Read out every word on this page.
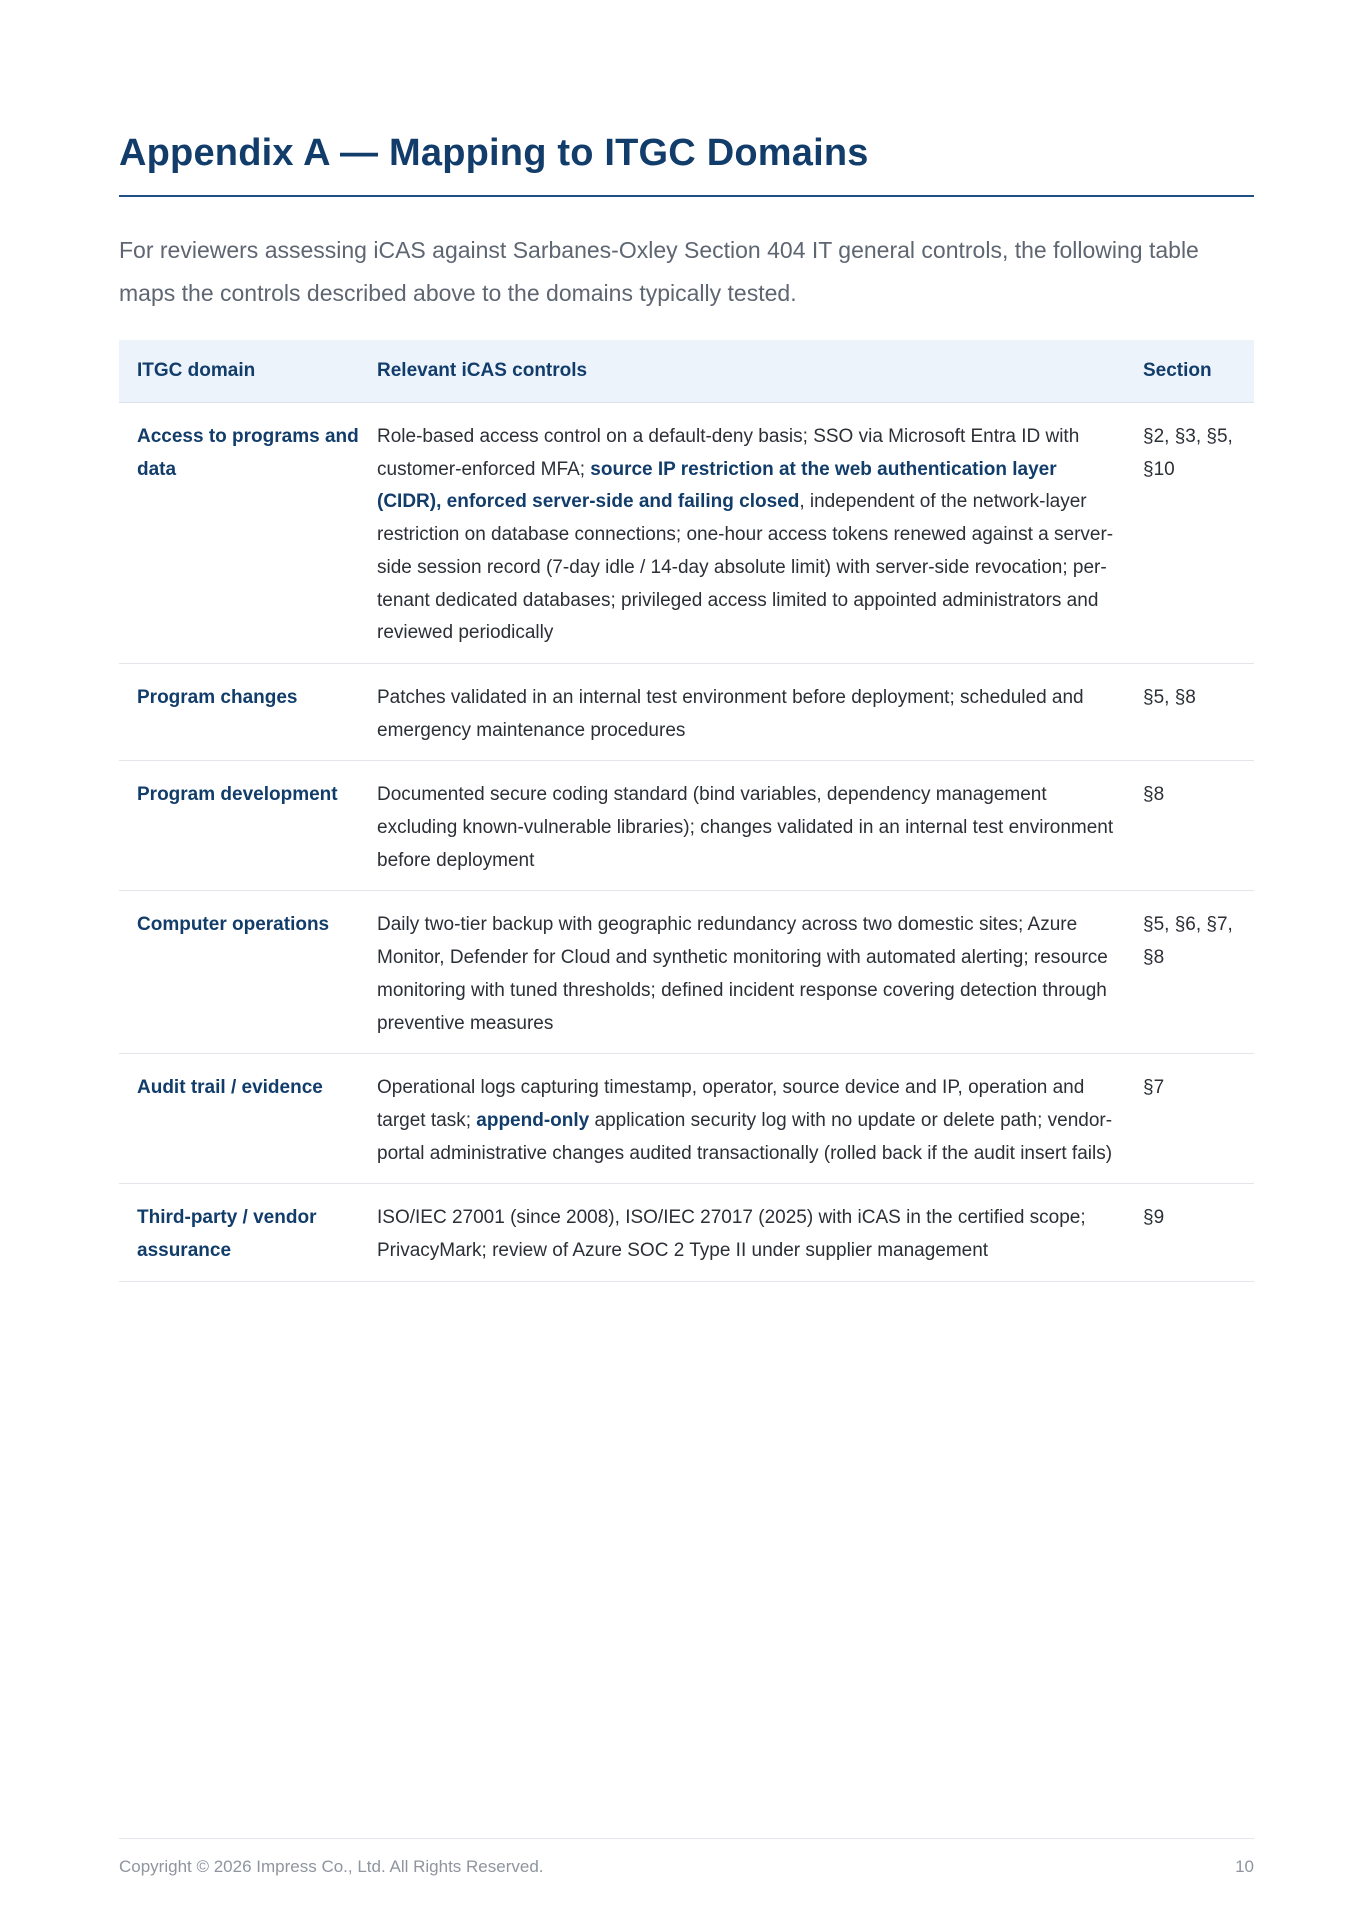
Appendix A — Mapping to ITGC Domains

For reviewers assessing iCAS against Sarbanes-Oxley Section 404 IT general controls, the following table maps the controls described above to the domains typically tested.

ITGC domain	Relevant iCAS controls	Section
Access to programs and data	Role-based access control on a default-deny basis; SSO via Microsoft Entra ID with customer-enforced MFA; source IP restriction at the web authentication layer (CIDR), enforced server-side and failing closed, independent of the network-layer restriction on database connections; one-hour access tokens renewed against a server-side session record (7-day idle / 14-day absolute limit) with server-side revocation; per-tenant dedicated databases; privileged access limited to appointed administrators and reviewed periodically	§2, §3, §5, §10
Program changes	Patches validated in an internal test environment before deployment; scheduled and emergency maintenance procedures	§5, §8
Program development	Documented secure coding standard (bind variables, dependency management excluding known-vulnerable libraries); changes validated in an internal test environment before deployment	§8
Computer operations	Daily two-tier backup with geographic redundancy across two domestic sites; Azure Monitor, Defender for Cloud and synthetic monitoring with automated alerting; resource monitoring with tuned thresholds; defined incident response covering detection through preventive measures	§5, §6, §7, §8
Audit trail / evidence	Operational logs capturing timestamp, operator, source device and IP, operation and target task; append-only application security log with no update or delete path; vendor-portal administrative changes audited transactionally (rolled back if the audit insert fails)	§7
Third-party / vendor assurance	ISO/IEC 27001 (since 2008), ISO/IEC 27017 (2025) with iCAS in the certified scope; PrivacyMark; review of Azure SOC 2 Type II under supplier management	§9
Copyright © 2026 Impress Co., Ltd. All Rights Reserved.	10
